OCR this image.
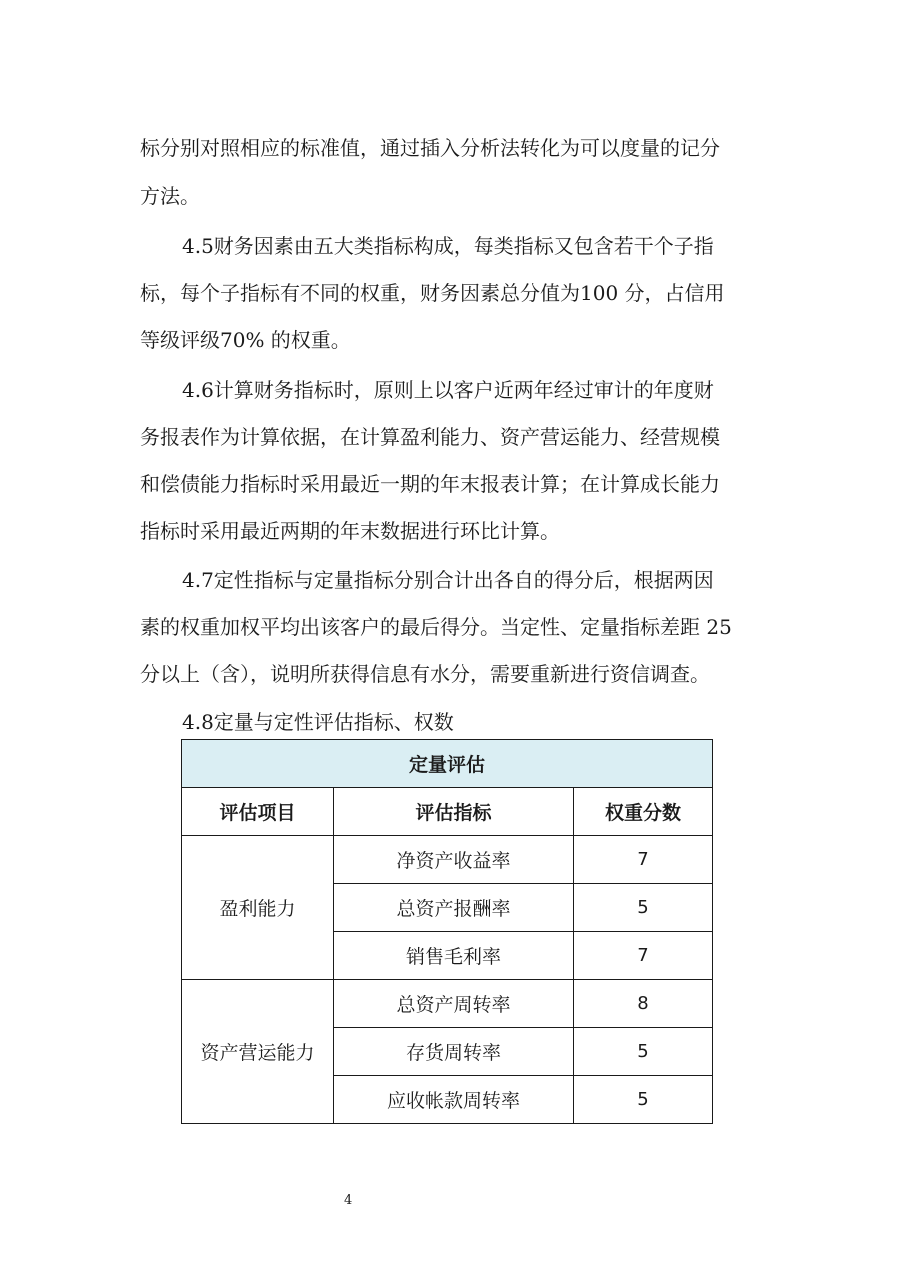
标分别对照相应的标准值，通过插入分析法转化为可以度量的记分
方法。
4.5财务因素由五大类指标构成，每类指标又包含若干个子指
标，每个子指标有不同的权重，财务因素总分值为100 分，占信用
等级评级70% 的权重。
4.6计算财务指标时，原则上以客户近两年经过审计的年度财
务报表作为计算依据，在计算盈利能力、资产营运能力、经营规模
和偿债能力指标时采用最近一期的年末报表计算；在计算成长能力
指标时采用最近两期的年末数据进行环比计算。
4.7定性指标与定量指标分别合计出各自的得分后，根据两因
素的权重加权平均出该客户的最后得分。当定性、定量指标差距 25
分以上（含），说明所获得信息有水分，需要重新进行资信调查。
4.8定量与定性评估指标、权数
定量评估		
评估项目	评估指标	权重分数
盈利能力	净资产收益率	7
	总资产报酬率	5
	销售毛利率	7
资产营运能力	总资产周转率	8
	存货周转率	5
	应收帐款周转率	5
4
